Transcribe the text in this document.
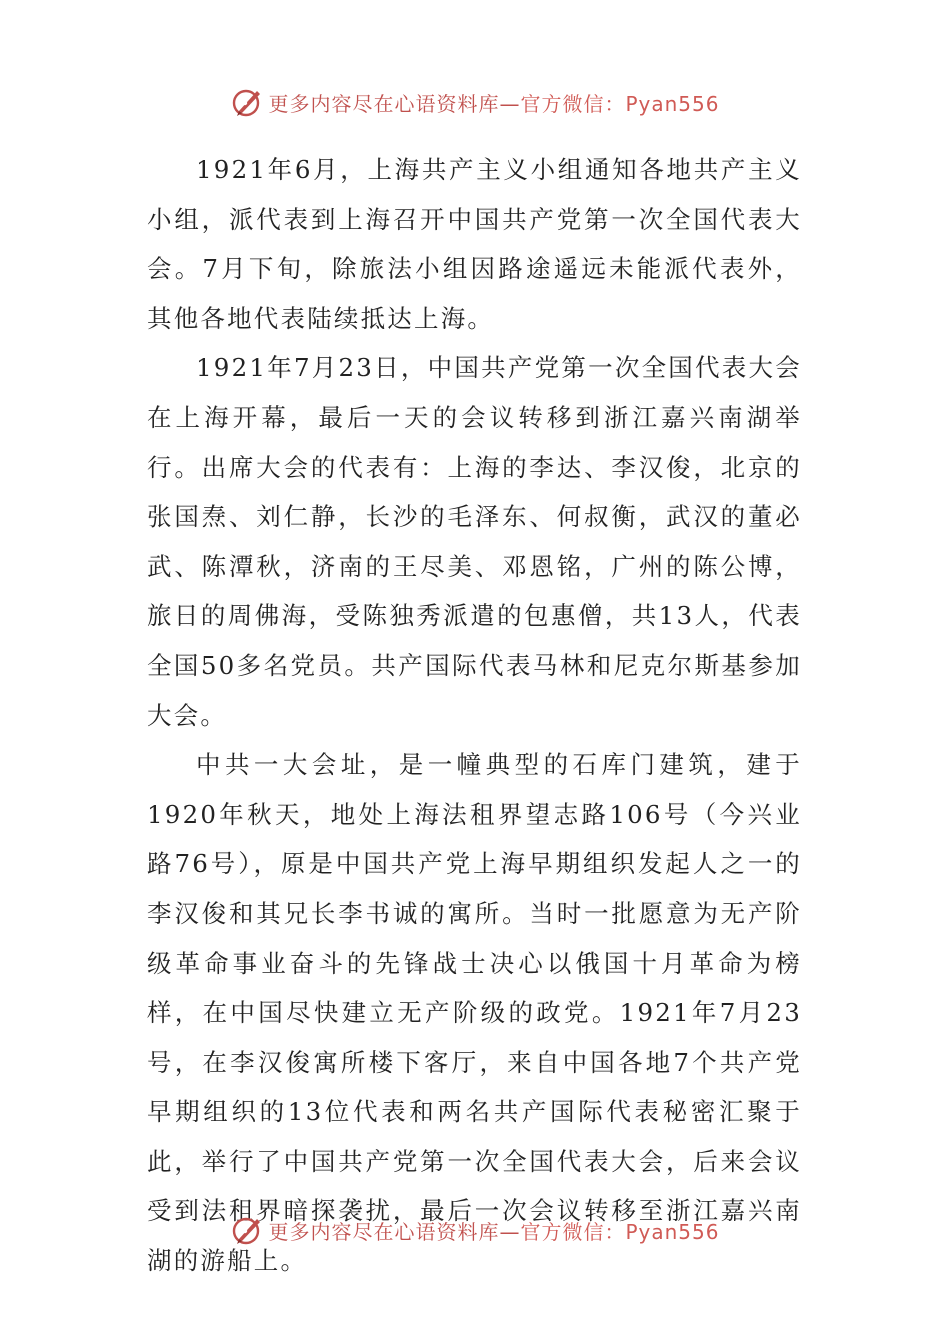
更多内容尽在心语资料库—官方微信：Pyan556

1921年6月，上海共产主义小组通知各地共产主义小组，派代表到上海召开中国共产党第一次全国代表大会。7月下旬，除旅法小组因路途遥远未能派代表外，其他各地代表陆续抵达上海。

1921年7月23日，中国共产党第一次全国代表大会在上海开幕，最后一天的会议转移到浙江嘉兴南湖举行。出席大会的代表有：上海的李达、李汉俊，北京的张国焘、刘仁静，长沙的毛泽东、何叔衡，武汉的董必武、陈潭秋，济南的王尽美、邓恩铭，广州的陈公博，旅日的周佛海，受陈独秀派遣的包惠僧，共13人，代表全国50多名党员。共产国际代表马林和尼克尔斯基参加大会。

中共一大会址，是一幢典型的石库门建筑，建于1920年秋天，地处上海法租界望志路106号（今兴业路76号），原是中国共产党上海早期组织发起人之一的李汉俊和其兄长李书诚的寓所。当时一批愿意为无产阶级革命事业奋斗的先锋战士决心以俄国十月革命为榜样，在中国尽快建立无产阶级的政党。1921年7月23号，在李汉俊寓所楼下客厅，来自中国各地7个共产党早期组织的13位代表和两名共产国际代表秘密汇聚于此，举行了中国共产党第一次全国代表大会，后来会议受到法租界暗探袭扰，最后一次会议转移至浙江嘉兴南湖的游船上。

更多内容尽在心语资料库—官方微信：Pyan556
